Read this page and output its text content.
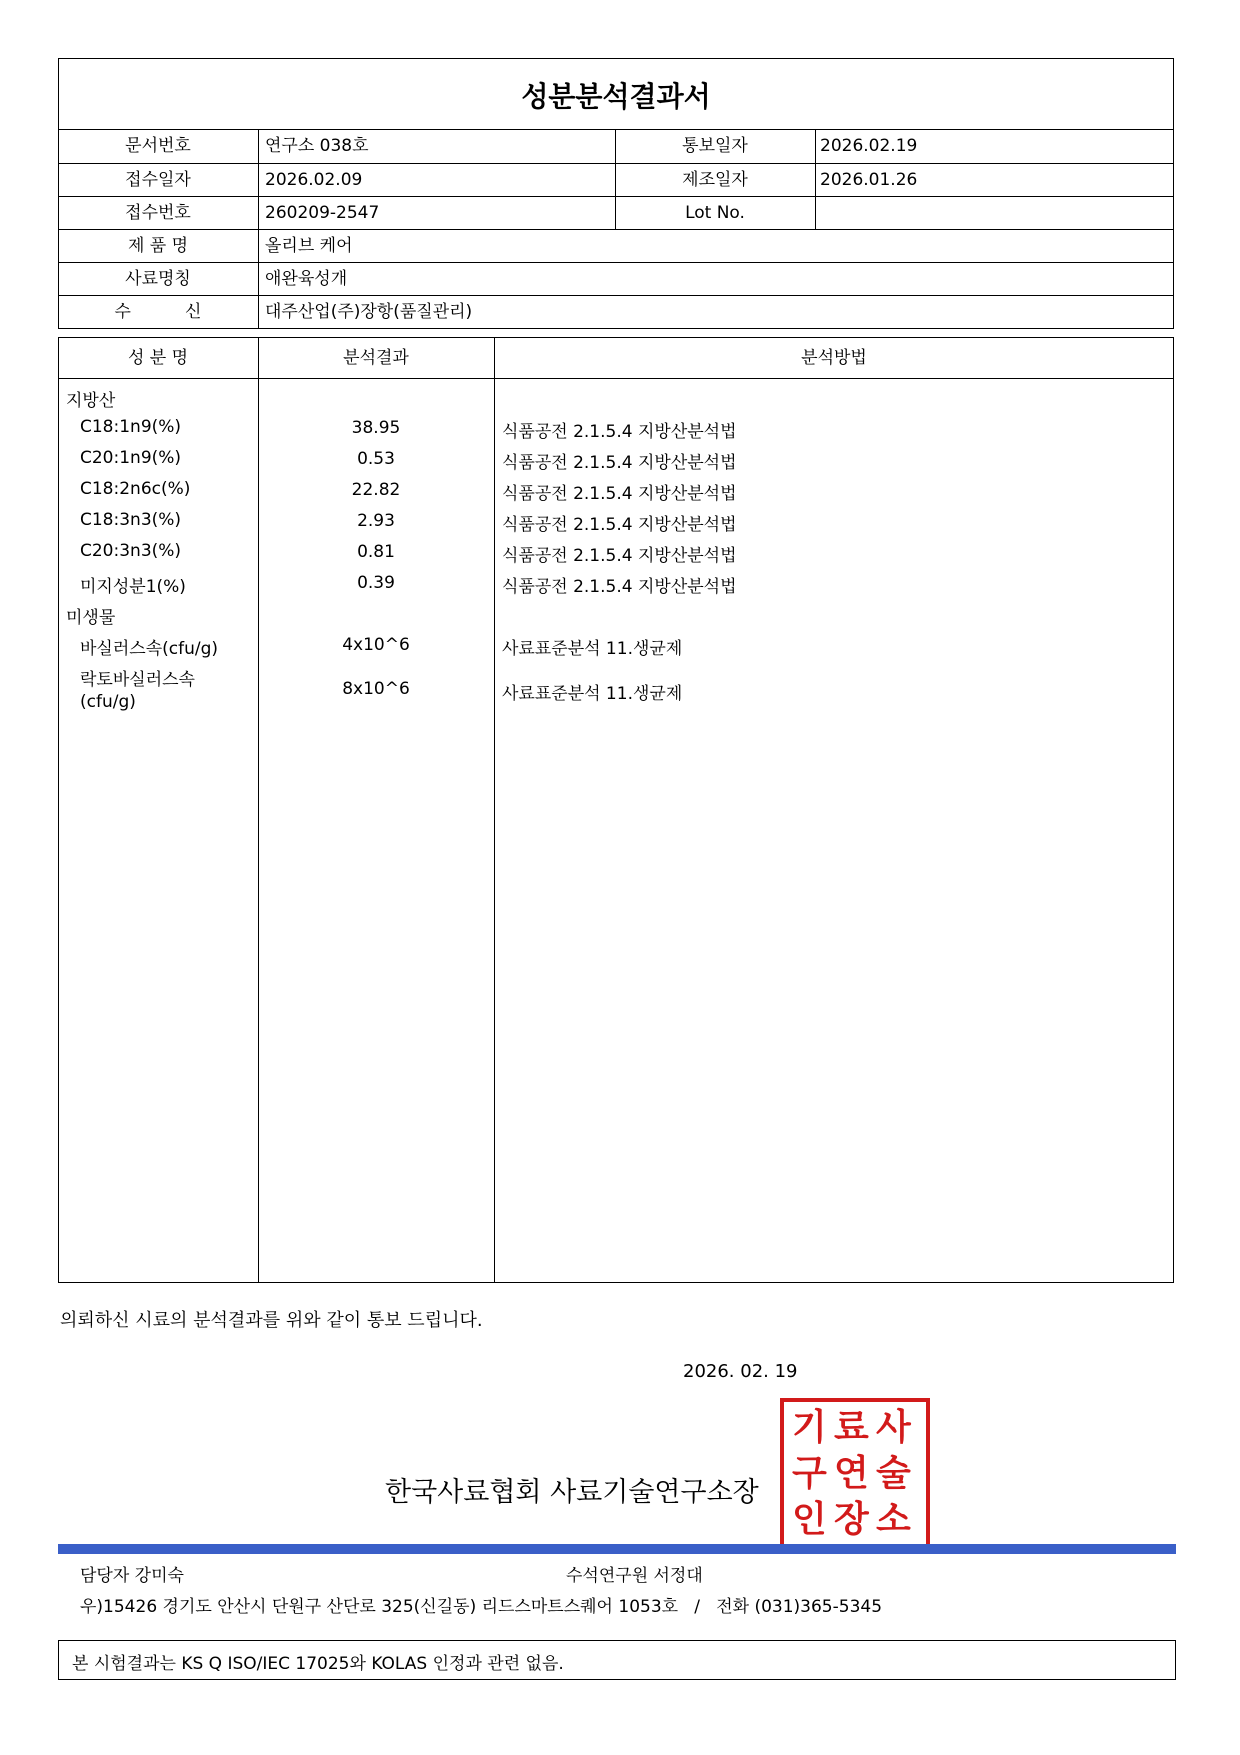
성분분석결과서
문서번호	연구소 038호	통보일자	2026.02.19
접수일자	2026.02.09	제조일자	2026.01.26
접수번호	260209-2547	Lot No.
제 품 명	올리브 케어
사료명칭	애완육성개
수          신	대주산업(주)장항(품질관리)
성 분 명	분석결과	분석방법
지방산
C18:1n9(%)	38.95	식품공전 2.1.5.4 지방산분석법
C20:1n9(%)	0.53	식품공전 2.1.5.4 지방산분석법
C18:2n6c(%)	22.82	식품공전 2.1.5.4 지방산분석법
C18:3n3(%)	2.93	식품공전 2.1.5.4 지방산분석법
C20:3n3(%)	0.81	식품공전 2.1.5.4 지방산분석법
미지성분1(%)	0.39	식품공전 2.1.5.4 지방산분석법
미생물
바실러스속(cfu/g)	4x10^6	사료표준분석 11.생균제
락토바실러스속
(cfu/g)
8x10^6	사료표준분석 11.생균제
의뢰하신 시료의 분석결과를 위와 같이 통보 드립니다.
2026. 02. 19
사
료
기
술
연
구
소
장
인
한국사료협회 사료기술연구소장
담당자 강미숙	수석연구원 서정대
우)15426 경기도 안산시 단원구 산단로 325(신길동) 리드스마트스퀘어 1053호   /   전화 (031)365-5345
본 시험결과는 KS Q ISO/IEC 17025와 KOLAS 인정과 관련 없음.
